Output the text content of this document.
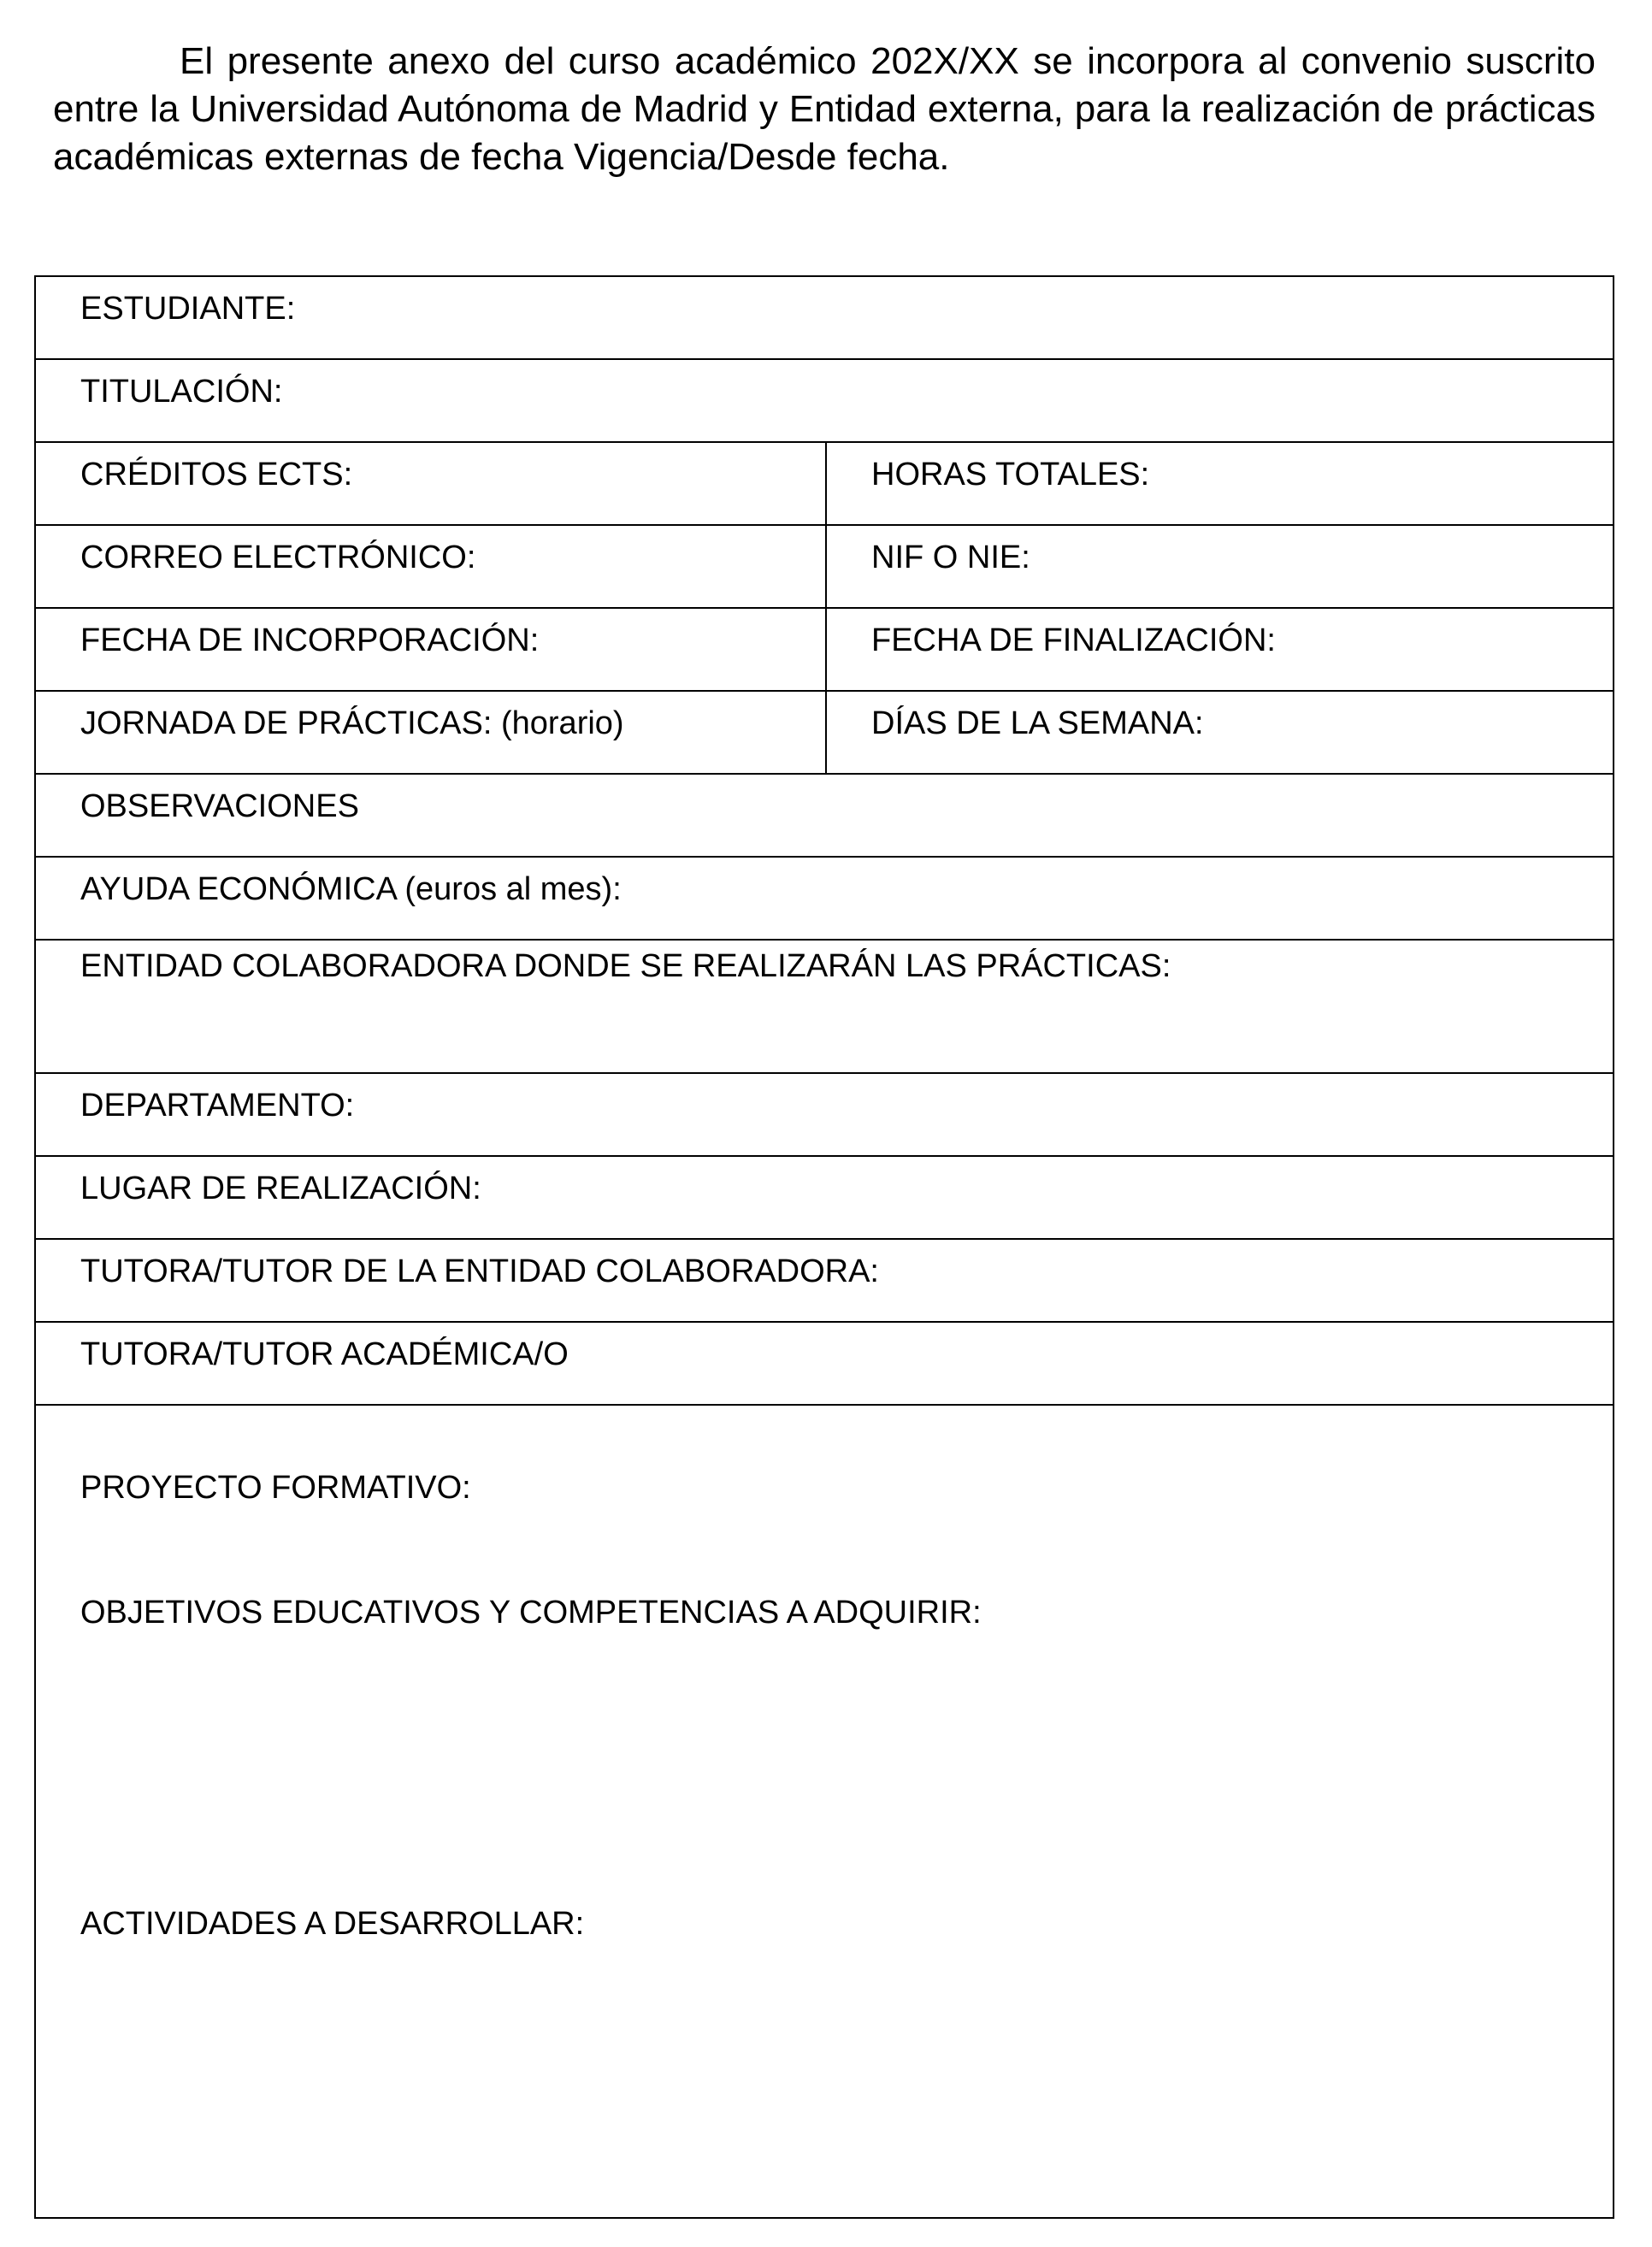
El presente anexo del curso académico 202X/XX se incorpora al convenio suscrito entre la Universidad Autónoma de Madrid y Entidad externa, para la realización de prácticas académicas externas de fecha Vigencia/Desde fecha.

ESTUDIANTE:
TITULACIÓN:
CRÉDITOS ECTS:	HORAS TOTALES:
CORREO ELECTRÓNICO:	NIF O NIE:
FECHA DE INCORPORACIÓN:	FECHA DE FINALIZACIÓN:
JORNADA DE PRÁCTICAS: (horario)	DÍAS DE LA SEMANA:
OBSERVACIONES
AYUDA ECONÓMICA (euros al mes):
ENTIDAD COLABORADORA DONDE SE REALIZARÁN LAS PRÁCTICAS:
DEPARTAMENTO:
LUGAR DE REALIZACIÓN:
TUTORA/TUTOR DE LA ENTIDAD COLABORADORA:
TUTORA/TUTOR ACADÉMICA/O
PROYECTO FORMATIVO:
OBJETIVOS EDUCATIVOS Y COMPETENCIAS A ADQUIRIR:
ACTIVIDADES A DESARROLLAR:
